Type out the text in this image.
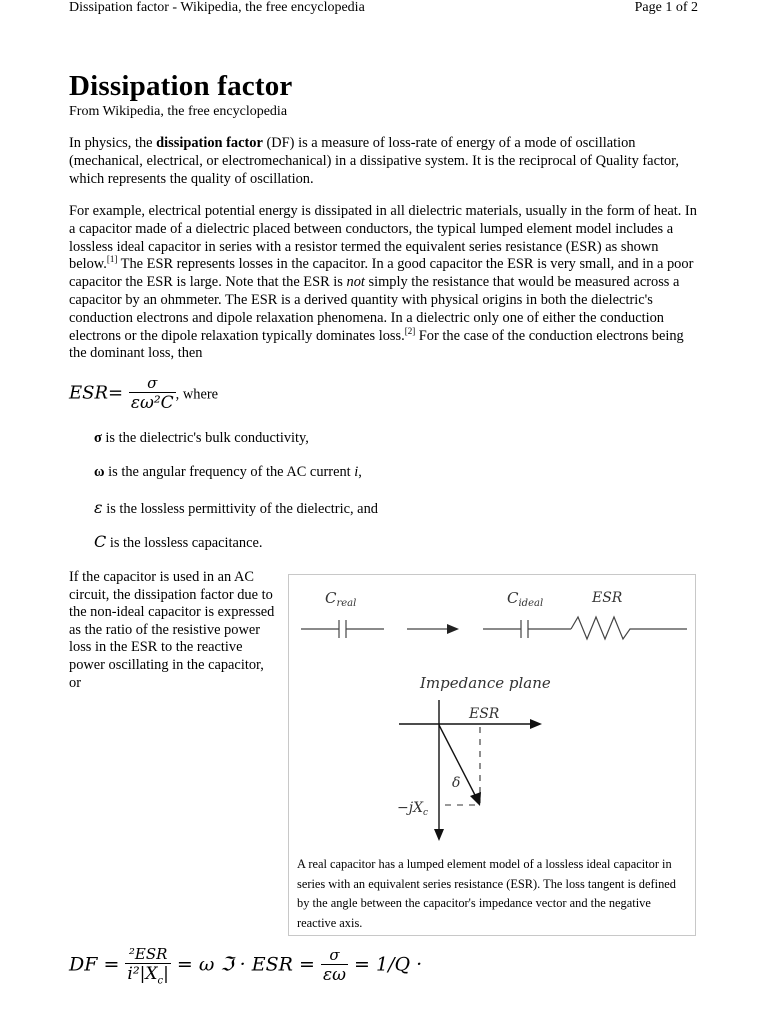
Dissipation factor - Wikipedia, the free encyclopedia	Page 1 of 2
Dissipation factor
From Wikipedia, the free encyclopedia

In physics, the dissipation factor (DF) is a measure of loss-rate of energy of a mode of oscillation (mechanical, electrical, or electromechanical) in a dissipative system. It is the reciprocal of Quality factor, which represents the quality of oscillation.

For example, electrical potential energy is dissipated in all dielectric materials, usually in the form of heat. In a capacitor made of a dielectric placed between conductors, the typical lumped element model includes a lossless ideal capacitor in series with a resistor termed the equivalent series resistance (ESR) as shown below.[1] The ESR represents losses in the capacitor. In a good capacitor the ESR is very small, and in a poor capacitor the ESR is large. Note that the ESR is not simply the resistance that would be measured across a capacitor by an ohmmeter. The ESR is a derived quantity with physical origins in both the dielectric's conduction electrons and dipole relaxation phenomena. In a dielectric only one of either the conduction electrons or the dipole relaxation typically dominates loss.[2] For the case of the conduction electrons being the dominant loss, then

$ESR= \frac{\sigma}{\text{εω²C}}$ , where
σ is the dielectric's bulk conductivity,
ω is the angular frequency of the AC current i,
ε is the lossless permittivity of the dielectric, and
C is the lossless capacitance.
If the capacitor is used in an AC circuit, the dissipation factor due to the non-ideal capacitor is expressed as the ratio of the resistive power loss in the ESR to the reactive power oscillating in the capacitor, or
$C_{real}$	$C_{ideal}$	ESR
Impedance plane
ESR
δ
$-jX_c$
A real capacitor has a lumped element model of a lossless ideal capacitor in series with an equivalent series resistance (ESR). The loss tangent is defined by the angle between the capacitor's impedance vector and the negative reactive axis.
DF = $\frac{\text{²ESR}}{i^2|X_c|} = \omega$ ℑ · ESR = $\frac{\sigma}{\varepsilon\omega} = 1/Q$ ·
